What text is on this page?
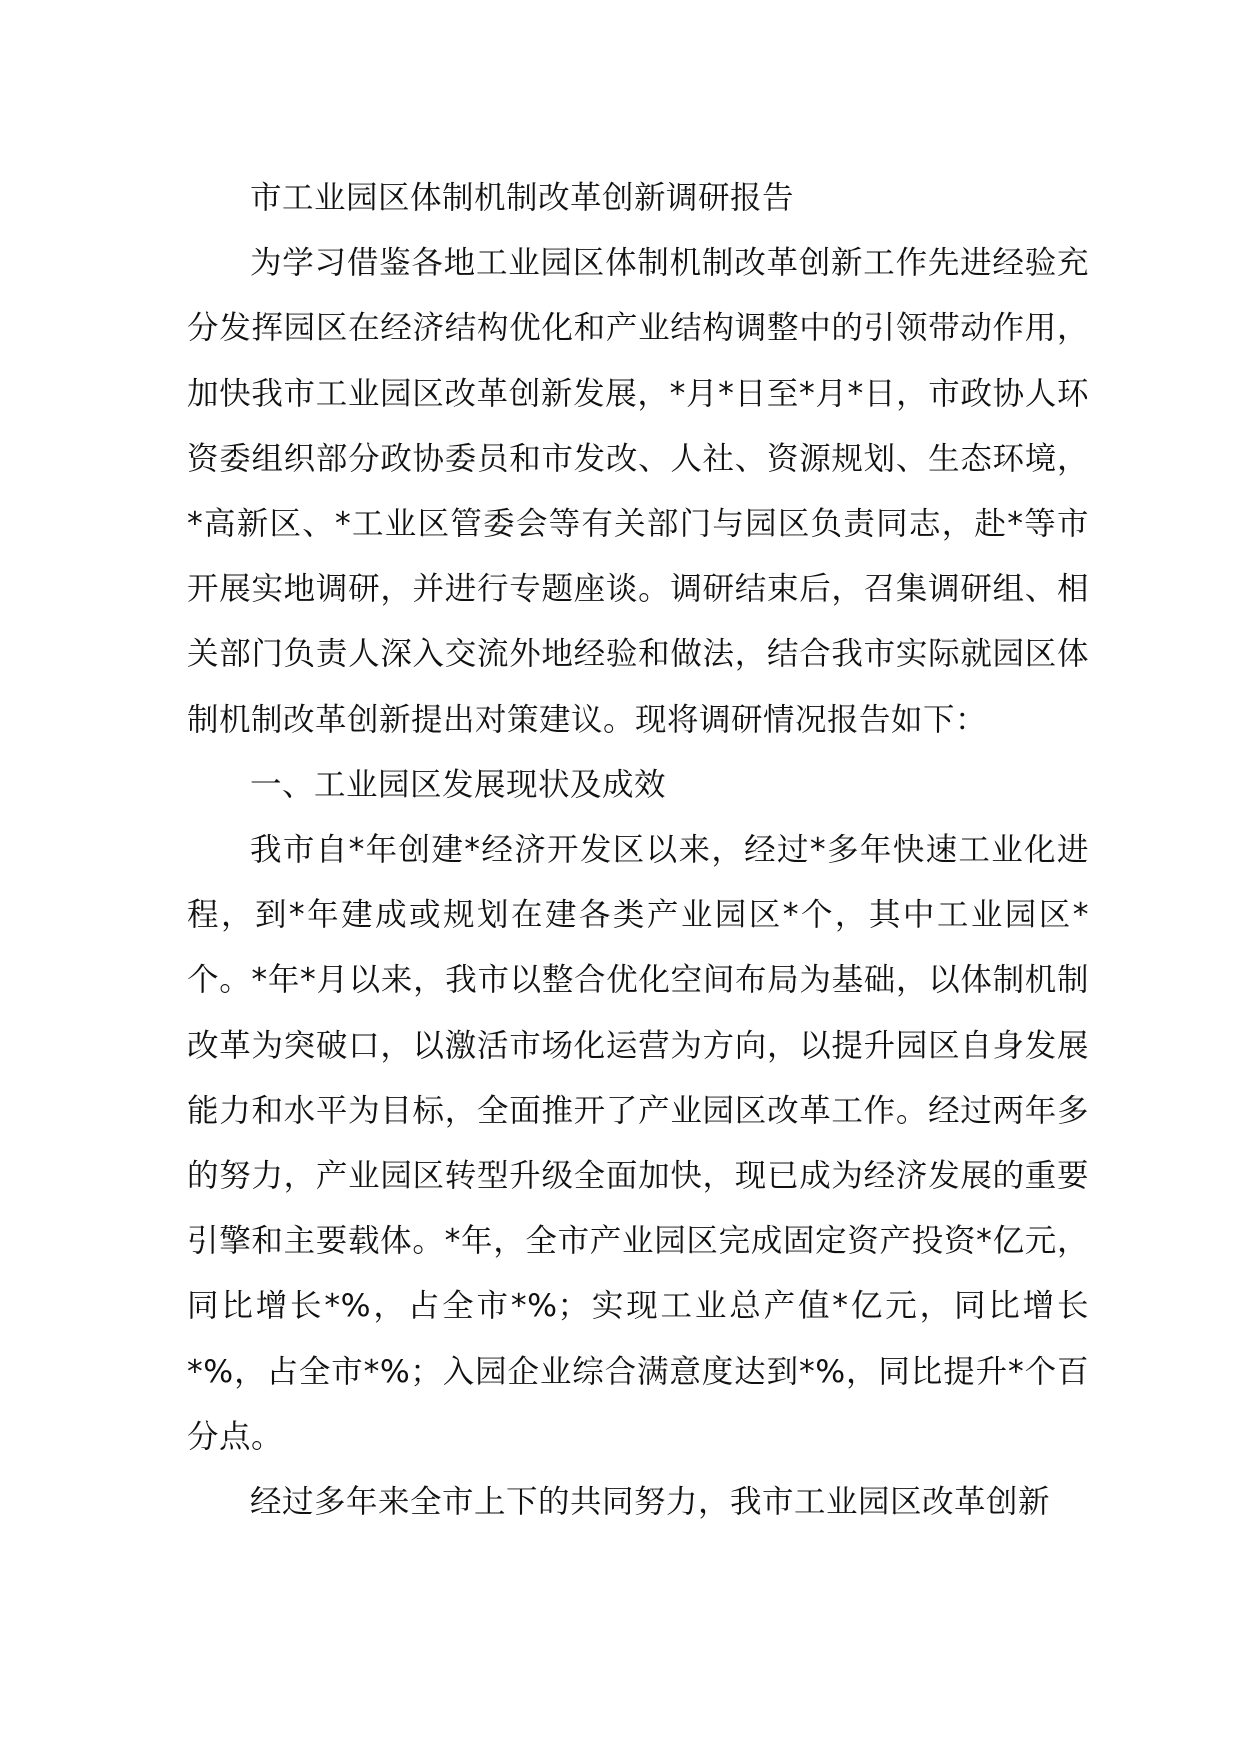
市工业园区体制机制改革创新调研报告

为学习借鉴各地工业园区体制机制改革创新工作先进经验充分发挥园区在经济结构优化和产业结构调整中的引领带动作用，加快我市工业园区改革创新发展，*月*日至*月*日，市政协人环资委组织部分政协委员和市发改、人社、资源规划、生态环境，*高新区、*工业区管委会等有关部门与园区负责同志，赴*等市开展实地调研，并进行专题座谈。调研结束后，召集调研组、相关部门负责人深入交流外地经验和做法，结合我市实际就园区体制机制改革创新提出对策建议。现将调研情况报告如下：

一、工业园区发展现状及成效

我市自*年创建*经济开发区以来，经过*多年快速工业化进程，到*年建成或规划在建各类产业园区*个，其中工业园区*个。*年*月以来，我市以整合优化空间布局为基础，以体制机制改革为突破口，以激活市场化运营为方向，以提升园区自身发展能力和水平为目标，全面推开了产业园区改革工作。经过两年多的努力，产业园区转型升级全面加快，现已成为经济发展的重要引擎和主要载体。*年，全市产业园区完成固定资产投资*亿元，同比增长*%，占全市*%；实现工业总产值*亿元，同比增长*%，占全市*%；入园企业综合满意度达到*%，同比提升*个百分点。

经过多年来全市上下的共同努力，我市工业园区改革创新
